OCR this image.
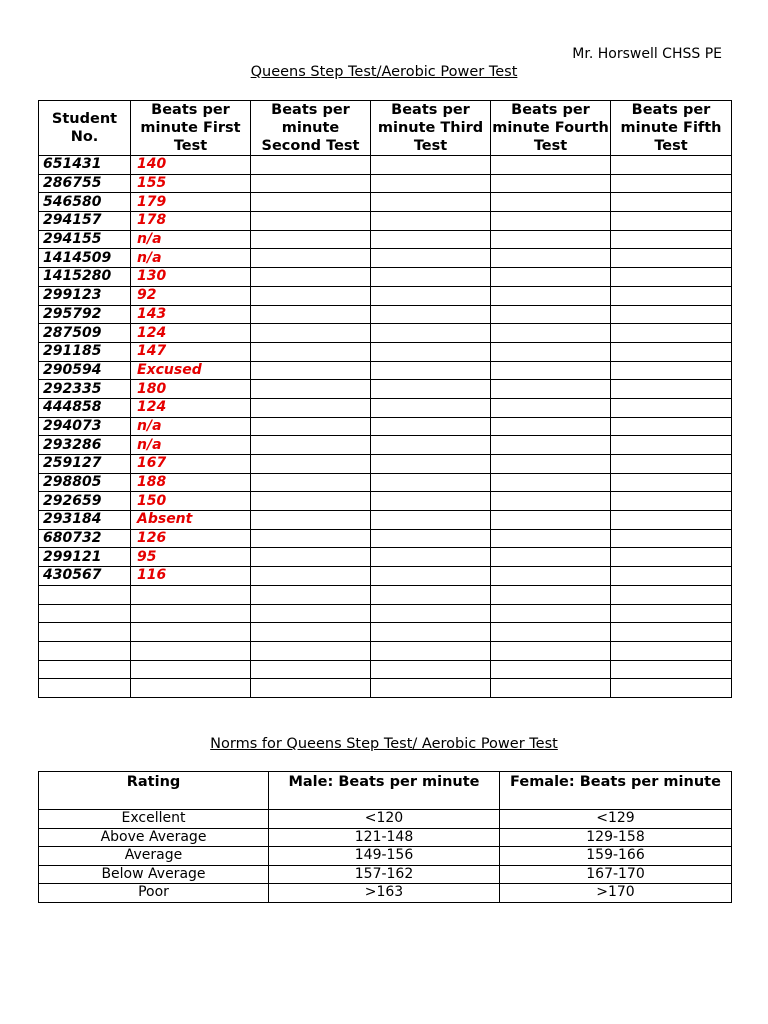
Mr. Horswell CHSS PE
Queens Step Test/Aerobic Power Test
Student No.	Beats per minute First Test	Beats per minute Second Test	Beats per minute Third Test	Beats per minute Fourth Test	Beats per minute Fifth Test
651431	140				
286755	155				
546580	179				
294157	178				
294155	n/a				
1414509	n/a				
1415280	130				
299123	92				
295792	143				
287509	124				
291185	147				
290594	Excused				
292335	180				
444858	124				
294073	n/a				
293286	n/a				
259127	167				
298805	188				
292659	150				
293184	Absent				
680732	126				
299121	95				
430567	116				

Norms for Queens Step Test/ Aerobic Power Test
Rating	Male: Beats per minute	Female: Beats per minute
Excellent	<120	<129
Above Average	121-148	129-158
Average	149-156	159-166
Below Average	157-162	167-170
Poor	>163	>170
